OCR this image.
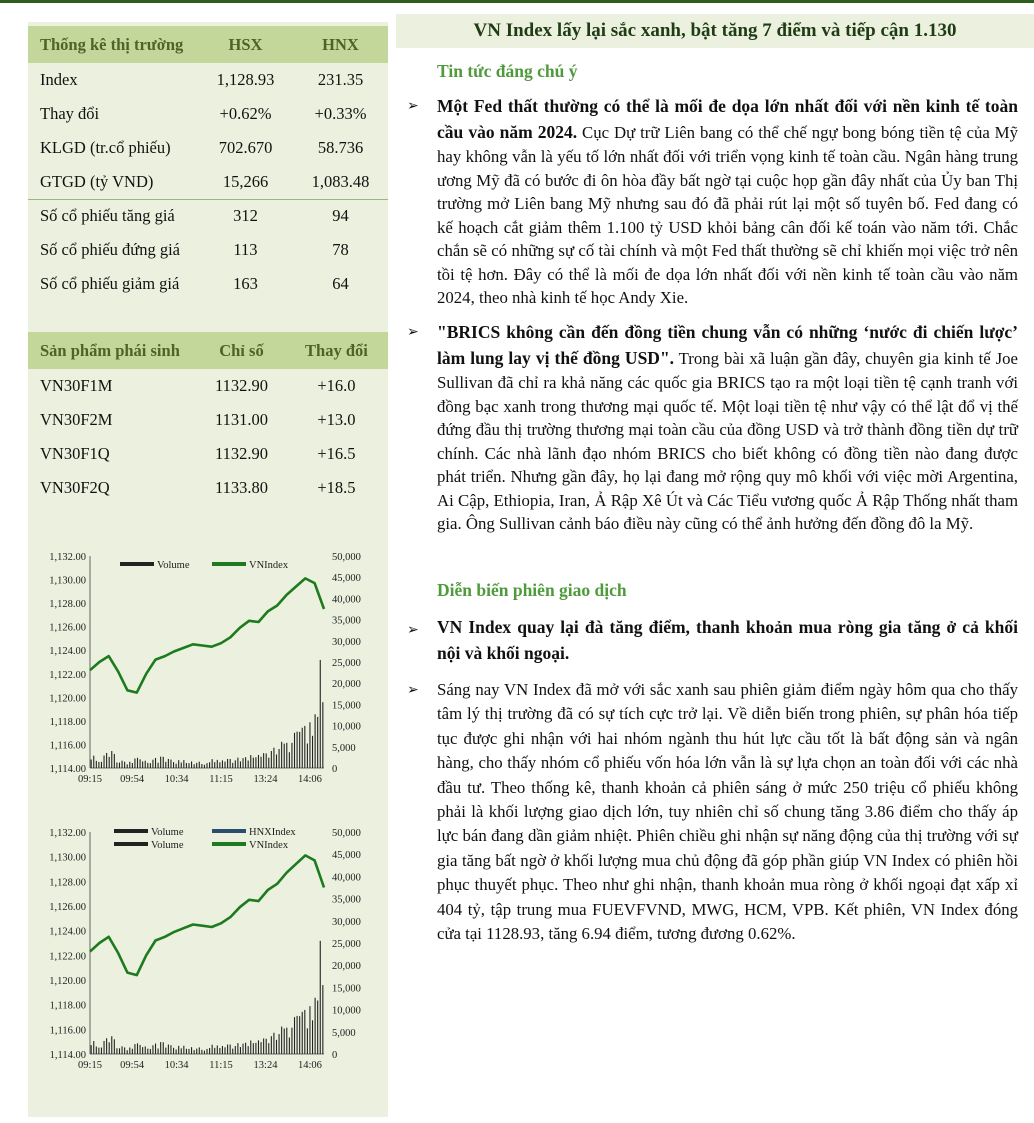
Thống kê thị trường	HSX	HNX
Index	1,128.93	231.35
Thay đổi	+0.62%	+0.33%
KLGD (tr.cổ phiếu)	702.670	58.736
GTGD (tỷ VND)	15,266	1,083.48
Số cổ phiếu tăng giá	312	94
Số cổ phiếu đứng giá	113	78
Số cổ phiếu giảm giá	163	64
Sản phẩm phái sinh	Chỉ số	Thay đổi
VN30F1M	1132.90	+16.0
VN30F2M	1131.00	+13.0
VN30F1Q	1132.90	+16.5
VN30F2Q	1133.80	+18.5
1,114.00
1,116.00
1,118.00
1,120.00
1,122.00
1,124.00
1,126.00
1,128.00
1,130.00
1,132.00
0
5,000
10,000
15,000
20,000
25,000
30,000
35,000
40,000
45,000
50,000
09:15 09:54 10:34 11:15 13:24 14:06
Volume	VNIndex
1,114.00
1,116.00
1,118.00
1,120.00
1,122.00
1,124.00
1,126.00
1,128.00
1,130.00
1,132.00
0
5,000
10,000
15,000
20,000
25,000
30,000
35,000
40,000
45,000
50,000
09:15 09:54 10:34 11:15 13:24 14:06
Volume	HNXIndex
Volume	VNIndex
VN Index lấy lại sắc xanh, bật tăng 7 điểm và tiếp cận 1.130
Tin tức đáng chú ý
➢ Một Fed thất thường có thể là mối đe dọa lớn nhất đối với nền kinh tế toàn cầu vào năm 2024. Cục Dự trữ Liên bang có thể chế ngự bong bóng tiền tệ của Mỹ hay không vẫn là yếu tố lớn nhất đối với triển vọng kinh tế toàn cầu. Ngân hàng trung ương Mỹ đã có bước đi ôn hòa đầy bất ngờ tại cuộc họp gần đây nhất của Ủy ban Thị trường mở Liên bang Mỹ nhưng sau đó đã phải rút lại một số tuyên bố. Fed đang có kế hoạch cắt giảm thêm 1.100 tỷ USD khỏi bảng cân đối kế toán vào năm tới. Chắc chắn sẽ có những sự cố tài chính và một Fed thất thường sẽ chỉ khiến mọi việc trở nên tồi tệ hơn. Đây có thể là mối đe dọa lớn nhất đối với nền kinh tế toàn cầu vào năm 2024, theo nhà kinh tế học Andy Xie.
➢ "BRICS không cần đến đồng tiền chung vẫn có những ‘nước đi chiến lược’ làm lung lay vị thế đồng USD". Trong bài xã luận gần đây, chuyên gia kinh tế Joe Sullivan đã chỉ ra khả năng các quốc gia BRICS tạo ra một loại tiền tệ cạnh tranh với đồng bạc xanh trong thương mại quốc tế. Một loại tiền tệ như vậy có thể lật đổ vị thế đứng đầu thị trường thương mại toàn cầu của đồng USD và trở thành đồng tiền dự trữ chính. Các nhà lãnh đạo nhóm BRICS cho biết không có đồng tiền nào đang được phát triển. Nhưng gần đây, họ lại đang mở rộng quy mô khối với việc mời Argentina, Ai Cập, Ethiopia, Iran, Ả Rập Xê Út và Các Tiểu vương quốc Ả Rập Thống nhất tham gia. Ông Sullivan cảnh báo điều này cũng có thể ảnh hưởng đến đồng đô la Mỹ.
Diễn biến phiên giao dịch
➢ VN Index quay lại đà tăng điểm, thanh khoản mua ròng gia tăng ở cả khối nội và khối ngoại.
➢ Sáng nay VN Index đã mở với sắc xanh sau phiên giảm điểm ngày hôm qua cho thấy tâm lý thị trường đã có sự tích cực trở lại. Về diễn biến trong phiên, sự phân hóa tiếp tục được ghi nhận với hai nhóm ngành thu hút lực cầu tốt là bất động sản và ngân hàng, cho thấy nhóm cổ phiếu vốn hóa lớn vẫn là sự lựa chọn an toàn đối với các nhà đầu tư. Theo thống kê, thanh khoản cả phiên sáng ở mức 250 triệu cổ phiếu không phải là khối lượng giao dịch lớn, tuy nhiên chỉ số chung tăng 3.86 điểm cho thấy áp lực bán đang dần giảm nhiệt. Phiên chiều ghi nhận sự năng động của thị trường với sự gia tăng bất ngờ ở khối lượng mua chủ động đã góp phần giúp VN Index có phiên hồi phục thuyết phục. Theo như ghi nhận, thanh khoản mua ròng ở khối ngoại đạt xấp xỉ 404 tỷ, tập trung mua FUEVFVND, MWG, HCM, VPB. Kết phiên, VN Index đóng cửa tại 1128.93, tăng 6.94 điểm, tương đương 0.62%.
